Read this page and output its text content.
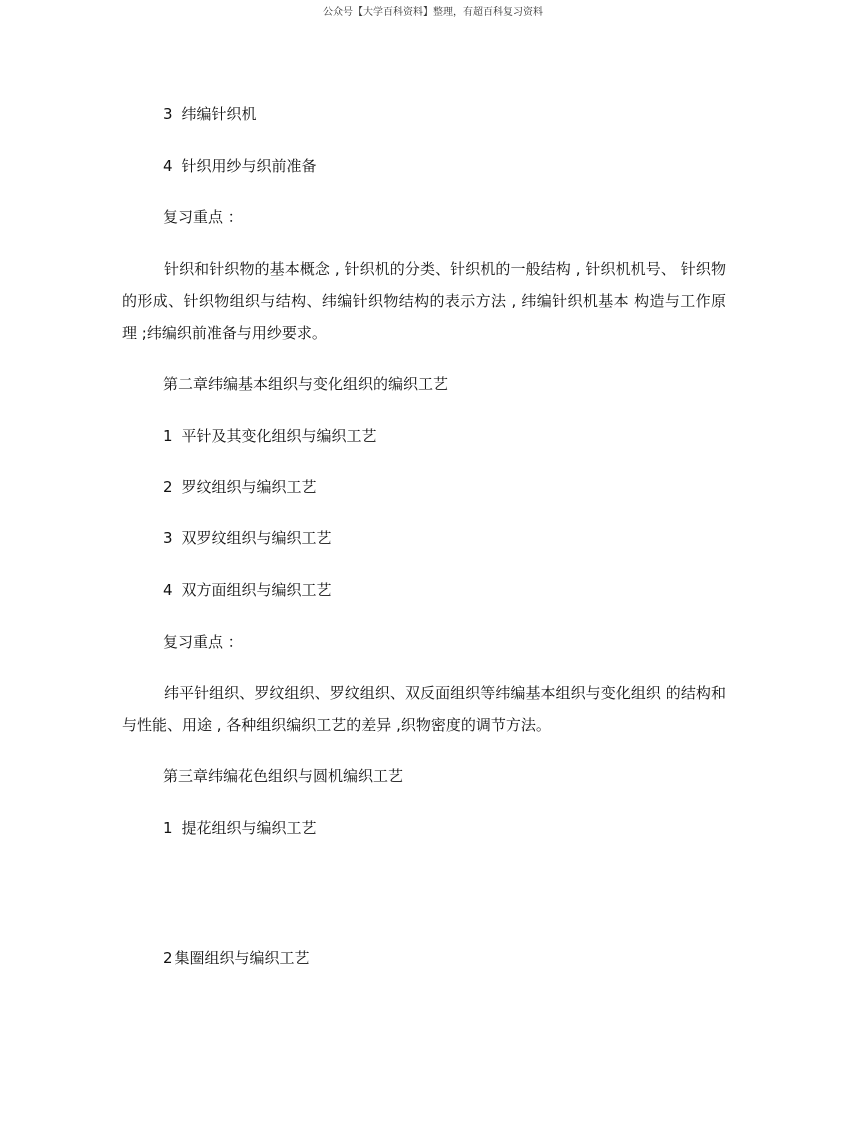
公众号【大学百科资料】整理，有超百科复习资料
3 纬编针织机
4 针织用纱与织前准备
复习重点 ：

针织和针织物的基本概念 , 针织机的分类、针织机的一般结构 , 针织机机号、 针织物的形成、针织物组织与结构、纬编针织物结构的表示方法 , 纬编针织机基本 构造与工作原理 ;纬编织前准备与用纱要求。

第二章纬编基本组织与变化组织的编织工艺
1 平针及其变化组织与编织工艺
2 罗纹组织与编织工艺
3 双罗纹组织与编织工艺
4 双方面组织与编织工艺
复习重点 ：

纬平针组织、罗纹组织、罗纹组织、双反面组织等纬编基本组织与变化组织 的结构和与性能、用途 , 各种组织编织工艺的差异 ,织物密度的调节方法。

第三章纬编花色组织与圆机编织工艺
1 提花组织与编织工艺
2 集圈组织与编织工艺
